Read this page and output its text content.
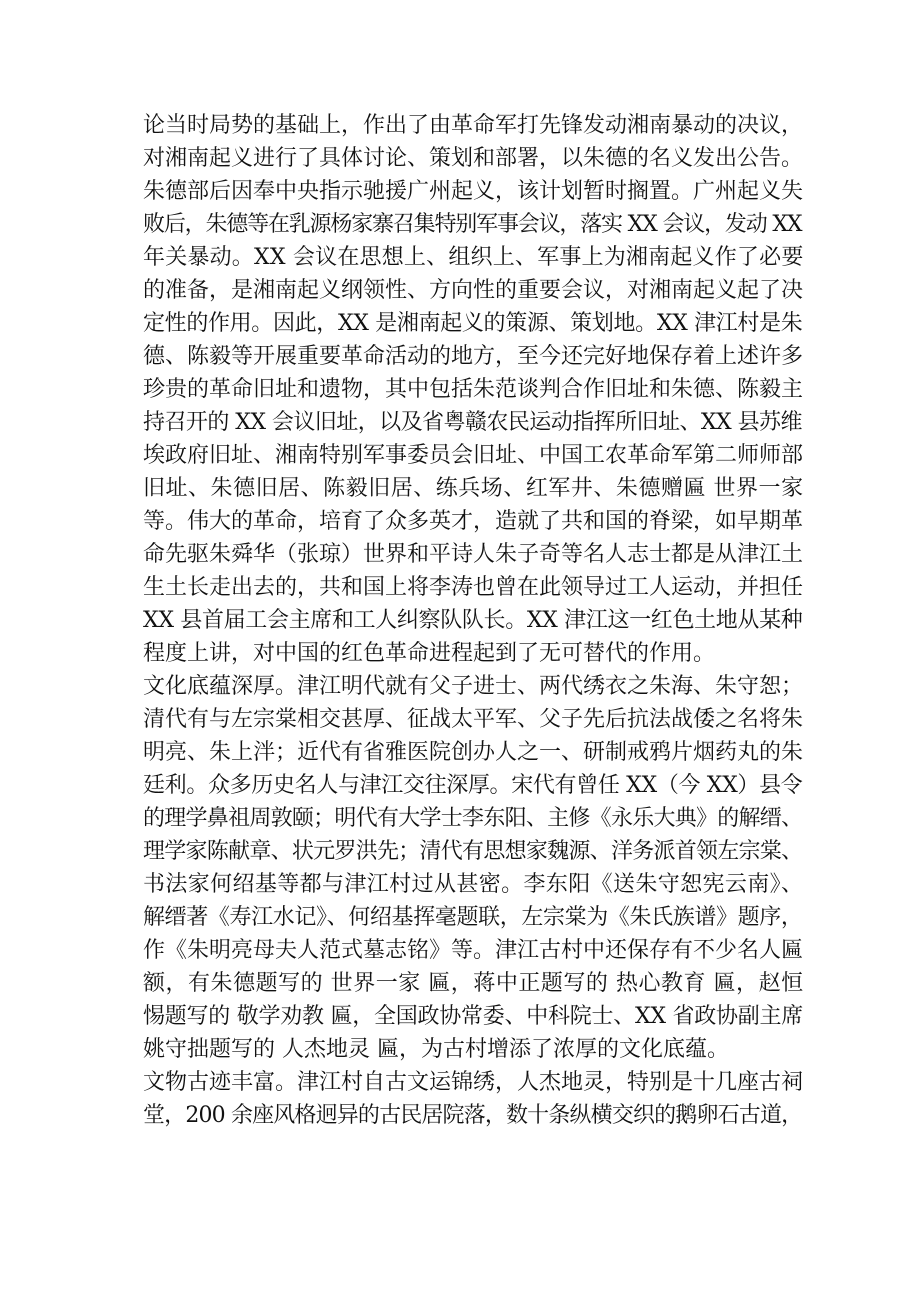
论当时局势的基础上，作出了由革命军打先锋发动湘南暴动的决议，
对湘南起义进行了具体讨论、策划和部署，以朱德的名义发出公告。
朱德部后因奉中央指示驰援广州起义，该计划暂时搁置。广州起义失
败后，朱德等在乳源杨家寨召集特别军事会议，落实 XX 会议，发动 XX
年关暴动。XX 会议在思想上、组织上、军事上为湘南起义作了必要
的准备，是湘南起义纲领性、方向性的重要会议，对湘南起义起了决
定性的作用。因此，XX 是湘南起义的策源、策划地。XX 津江村是朱
德、陈毅等开展重要革命活动的地方，至今还完好地保存着上述许多
珍贵的革命旧址和遗物，其中包括朱范谈判合作旧址和朱德、陈毅主
持召开的 XX 会议旧址，以及省粤赣农民运动指挥所旧址、XX 县苏维
埃政府旧址、湘南特别军事委员会旧址、中国工农革命军第二师师部
旧址、朱德旧居、陈毅旧居、练兵场、红军井、朱德赠匾 世界一家
等。伟大的革命，培育了众多英才，造就了共和国的脊梁，如早期革
命先驱朱舜华（张琼）世界和平诗人朱子奇等名人志士都是从津江土
生土长走出去的，共和国上将李涛也曾在此领导过工人运动，并担任
XX 县首届工会主席和工人纠察队队长。XX 津江这一红色土地从某种
程度上讲，对中国的红色革命进程起到了无可替代的作用。
文化底蕴深厚。津江明代就有父子进士、两代绣衣之朱海、朱守恕；
清代有与左宗棠相交甚厚、征战太平军、父子先后抗法战倭之名将朱
明亮、朱上泮；近代有省雅医院创办人之一、研制戒鸦片烟药丸的朱
廷利。众多历史名人与津江交往深厚。宋代有曾任 XX（今 XX）县令
的理学鼻祖周敦颐；明代有大学士李东阳、主修《永乐大典》的解缙、
理学家陈献章、状元罗洪先；清代有思想家魏源、洋务派首领左宗棠、
书法家何绍基等都与津江村过从甚密。李东阳《送朱守恕宪云南》、
解缙著《寿江水记》、何绍基挥毫题联，左宗棠为《朱氏族谱》题序，
作《朱明亮母夫人范式墓志铭》等。津江古村中还保存有不少名人匾
额，有朱德题写的 世界一家 匾，蒋中正题写的 热心教育 匾，赵恒
惕题写的 敬学劝教 匾，全国政协常委、中科院士、XX 省政协副主席
姚守拙题写的 人杰地灵 匾，为古村增添了浓厚的文化底蕴。
文物古迹丰富。津江村自古文运锦绣，人杰地灵，特别是十几座古祠
堂，200 余座风格迥异的古民居院落，数十条纵横交织的鹅卵石古道，
